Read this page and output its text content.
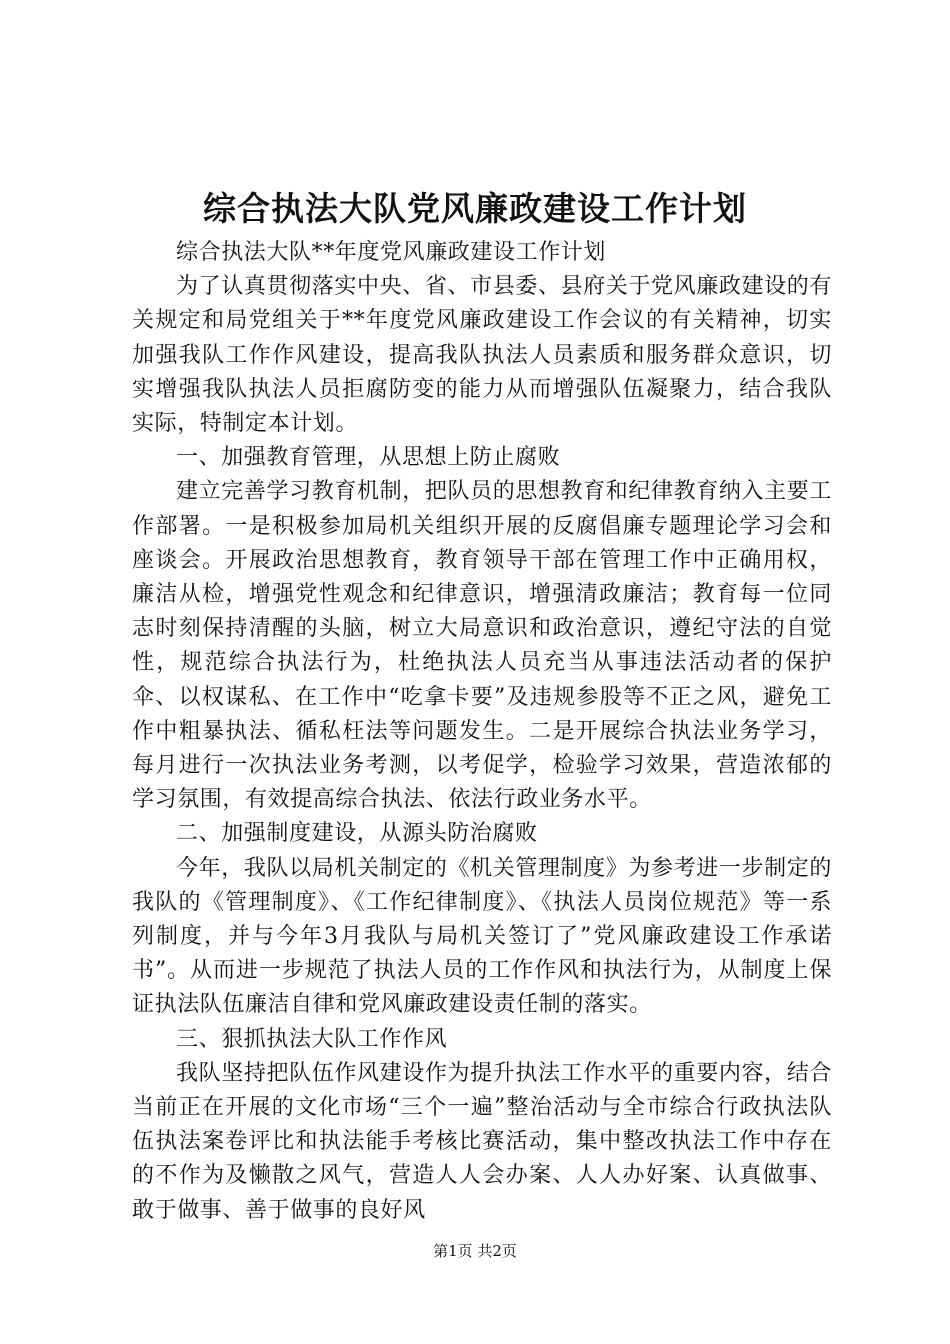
综合执法大队党风廉政建设工作计划

综合执法大队**年度党风廉政建设工作计划

为了认真贯彻落实中央、省、市县委、县府关于党风廉政建设的有关规定和局党组关于**年度党风廉政建设工作会议的有关精神，切实加强我队工作作风建设，提高我队执法人员素质和服务群众意识，切实增强我队执法人员拒腐防变的能力从而增强队伍凝聚力，结合我队实际，特制定本计划。

一、加强教育管理，从思想上防止腐败

建立完善学习教育机制，把队员的思想教育和纪律教育纳入主要工作部署。一是积极参加局机关组织开展的反腐倡廉专题理论学习会和座谈会。开展政治思想教育，教育领导干部在管理工作中正确用权，廉洁从检，增强党性观念和纪律意识，增强清政廉洁；教育每一位同志时刻保持清醒的头脑，树立大局意识和政治意识，遵纪守法的自觉性，规范综合执法行为，杜绝执法人员充当从事违法活动者的保护伞、以权谋私、在工作中“吃拿卡要”及违规参股等不正之风，避免工作中粗暴执法、循私枉法等问题发生。二是开展综合执法业务学习，每月进行一次执法业务考测，以考促学，检验学习效果，营造浓郁的学习氛围，有效提高综合执法、依法行政业务水平。

二、加强制度建设，从源头防治腐败

今年，我队以局机关制定的《机关管理制度》为参考进一步制定的我队的《管理制度》、《工作纪律制度》、《执法人员岗位规范》等一系列制度，并与今年3月我队与局机关签订了”党风廉政建设工作承诺书”。从而进一步规范了执法人员的工作作风和执法行为，从制度上保证执法队伍廉洁自律和党风廉政建设责任制的落实。

三、狠抓执法大队工作作风

我队坚持把队伍作风建设作为提升执法工作水平的重要内容，结合当前正在开展的文化市场“三个一遍”整治活动与全市综合行政执法队伍执法案卷评比和执法能手考核比赛活动，集中整改执法工作中存在的不作为及懒散之风气，营造人人会办案、人人办好案、认真做事、敢于做事、善于做事的良好风

第1页 共2页
